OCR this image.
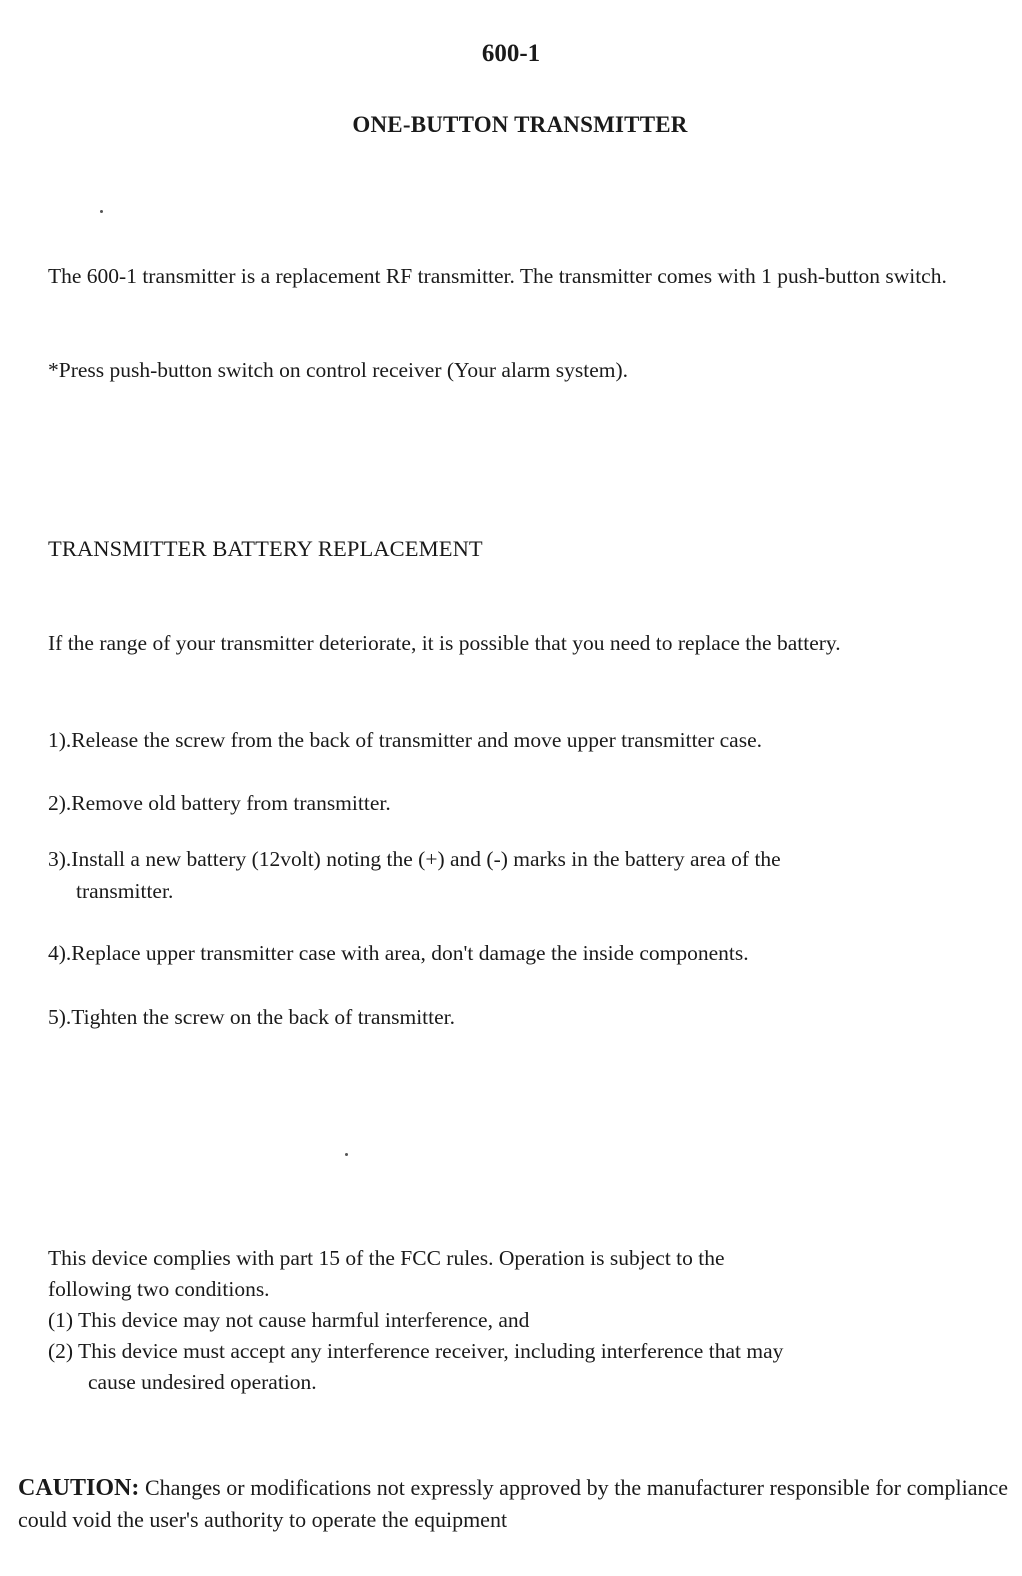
600-1
ONE-BUTTON TRANSMITTER
The 600-1 transmitter is a replacement RF transmitter. The transmitter comes with 1 push-button switch.
*Press push-button switch on control receiver (Your alarm system).
TRANSMITTER BATTERY REPLACEMENT
If the range of your transmitter deteriorate, it is possible that you need to replace the battery.
1).Release the screw from the back of transmitter and move upper transmitter case.
2).Remove old battery from transmitter.
3).Install a new battery (12volt) noting the (+) and (-) marks in the battery area of the
transmitter.
4).Replace upper transmitter case with area, don't damage the inside components.
5).Tighten the screw on the back of transmitter.
This device complies with part 15 of the FCC rules. Operation is subject to the
following two conditions.
(1) This device may not cause harmful interference, and
(2) This device must accept any interference receiver, including interference that may
cause undesired operation.
CAUTION: Changes or modifications not expressly approved by the manufacturer responsible for compliance could void the user's authority to operate the equipment
